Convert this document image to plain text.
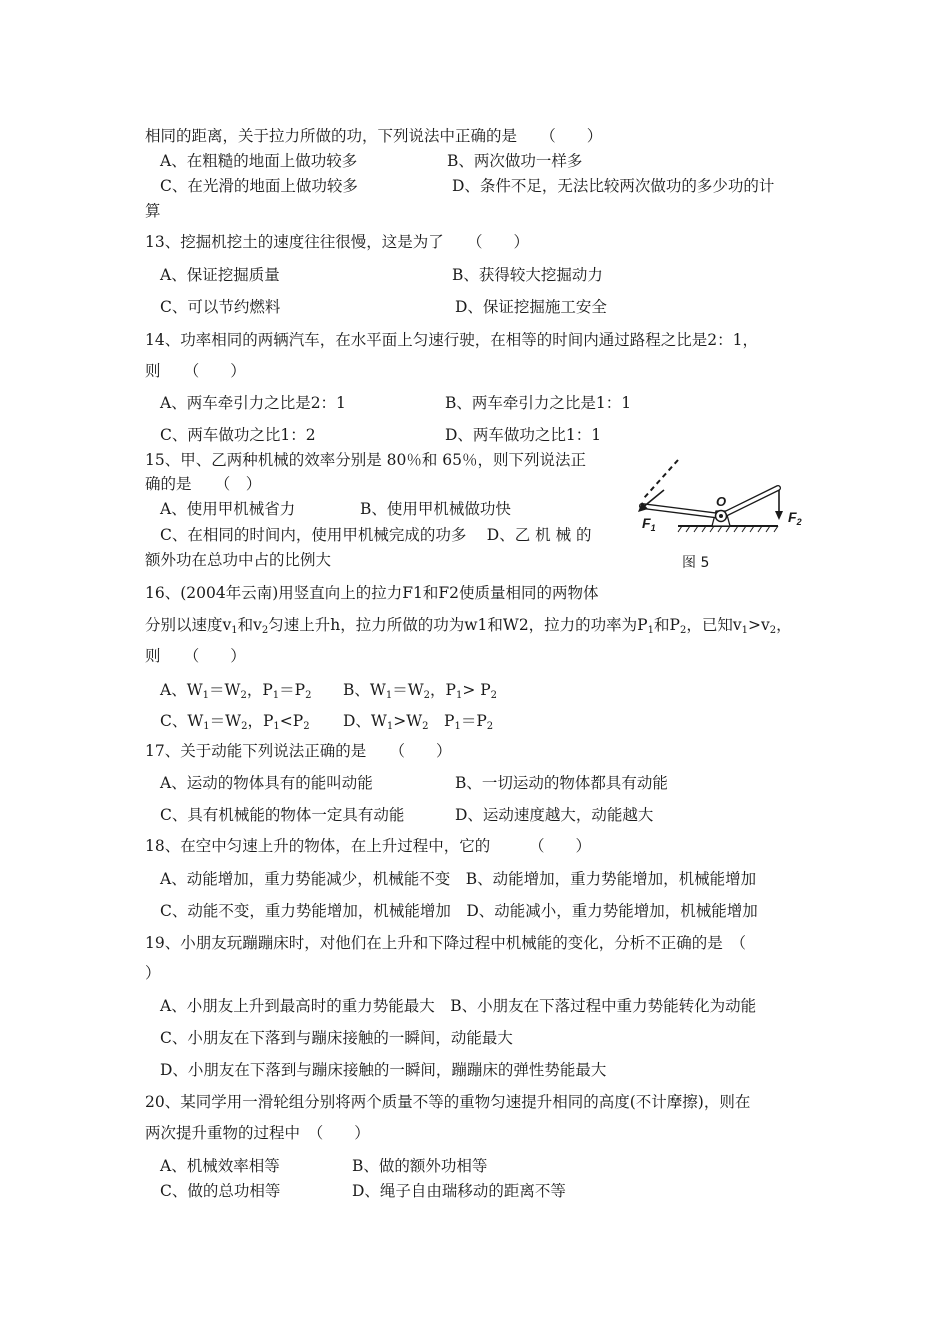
相同的距离，关于拉力所做的功，下列说法中正确的是　　（　　）
A、在粗糙的地面上做功较多	B、两次做功一样多
C、在光滑的地面上做功较多	D、条件不足，无法比较两次做功的多少功的计
算
13、挖掘机挖土的速度往往很慢，这是为了　　（　　）
A、保证挖掘质量	B、获得较大挖掘动力
C、可以节约燃料	D、保证挖掘施工安全
14、功率相同的两辆汽车，在水平面上匀速行驶，在相等的时间内通过路程之比是2：1，
则　　（　　）
A、两车牵引力之比是2：1	B、两车牵引力之比是1：1
C、两车做功之比1：2	D、两车做功之比1：1
15、甲、乙两种机械的效率分别是 80％和 65％，则下列说法正
确的是　　（　）
A、使用甲机械省力	B、使用甲机械做功快
C、在相同的时间内，使用甲机械完成的功多　 D、乙 机 械 的
额外功在总功中占的比例大
O
$F_1$
$F_2$
图 5
16、(2004年云南)用竖直向上的拉力F1和F2使质量相同的两物体
分别以速度$v_1$和$v_2$匀速上升h，拉力所做的功为w1和W2，拉力的功率为$P_1$和$P_2$，已知$v_1>v_2$，
则　　（　　）
A、$W_1=W_2$，$P_1=P_2$ B、$W_1=W_2$，$P_1> P_2$
C、$W_1=W_2$，$P_1<P_2$ D、$W_1>W_2$　$P_1=P_2$
17、关于动能下列说法正确的是　　（　　）
A、运动的物体具有的能叫动能	B、一切运动的物体都具有动能
C、具有机械能的物体一定具有动能	D、运动速度越大，动能越大
18、在空中匀速上升的物体，在上升过程中，它的　　　（　　）
A、动能增加，重力势能减少，机械能不变　B、动能增加，重力势能增加，机械能增加
C、动能不变，重力势能增加，机械能增加　D、动能减小，重力势能增加，机械能增加
19、小朋友玩蹦蹦床时，对他们在上升和下降过程中机械能的变化，分析不正确的是　（
）
A、小朋友上升到最高时的重力势能最大　B、小朋友在下落过程中重力势能转化为动能
C、小朋友在下落到与蹦床接触的一瞬间，动能最大
D、小朋友在下落到与蹦床接触的一瞬间，蹦蹦床的弹性势能最大
20、某同学用一滑轮组分别将两个质量不等的重物匀速提升相同的高度(不计摩擦)，则在
两次提升重物的过程中　（　　）
A、机械效率相等	B、做的额外功相等
C、做的总功相等	D、绳子自由瑞移动的距离不等
